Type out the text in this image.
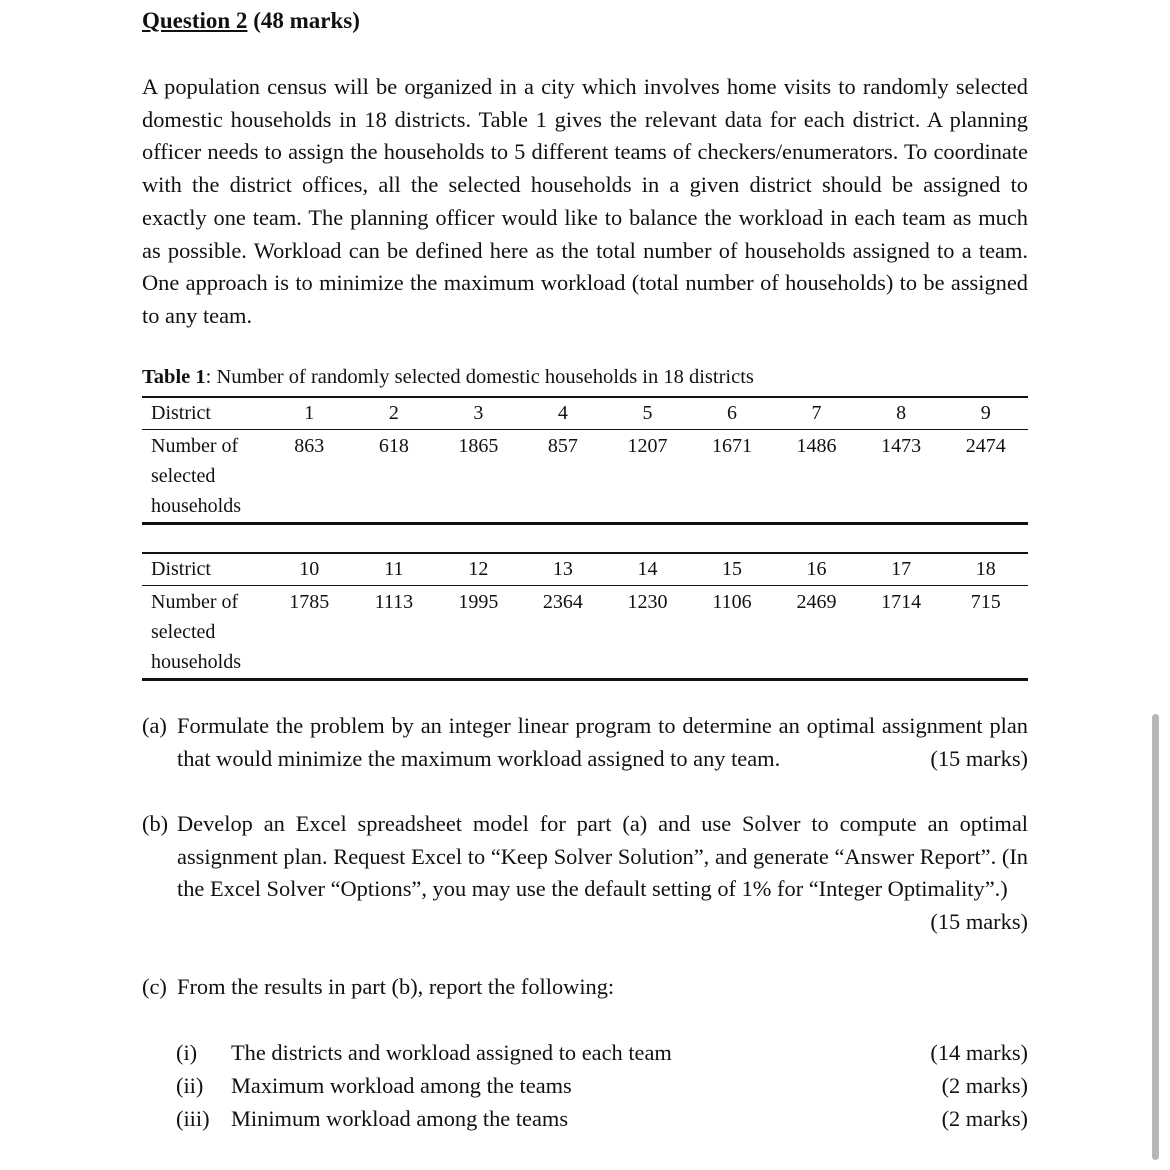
Question 2 (48 marks)

A population census will be organized in a city which involves home visits to randomly selected domestic households in 18 districts. Table 1 gives the relevant data for each district. A planning officer needs to assign the households to 5 different teams of checkers/enumerators. To coordinate with the district offices, all the selected households in a given district should be assigned to exactly one team. The planning officer would like to balance the workload in each team as much as possible. Workload can be defined here as the total number of households assigned to a team. One approach is to minimize the maximum workload (total number of households) to be assigned to any team.

Table 1: Number of randomly selected domestic households in 18 districts

District	1	2	3	4	5	6	7	8	9

Number of
selected
households	863	618	1865	857	1207	1671	1486	1473	2474
District	10	11	12	13	14	15	16	17	18

Number of
selected
households	1785	1113	1995	2364	1230	1106	2469	1714	715
(a) Formulate the problem by an integer linear program to determine an optimal assignment plan that would minimize the maximum workload assigned to any team.	(15 marks)
(b) Develop an Excel spreadsheet model for part (a) and use Solver to compute an optimal assignment plan. Request Excel to “Keep Solver Solution”, and generate “Answer Report”. (In the Excel Solver “Options”, you may use the default setting of 1% for “Integer Optimality”.)
(15 marks)
(c) From the results in part (b), report the following:
(i) The districts and workload assigned to each team	(14 marks)
(ii) Maximum workload among the teams	(2 marks)
(iii) Minimum workload among the teams	(2 marks)
